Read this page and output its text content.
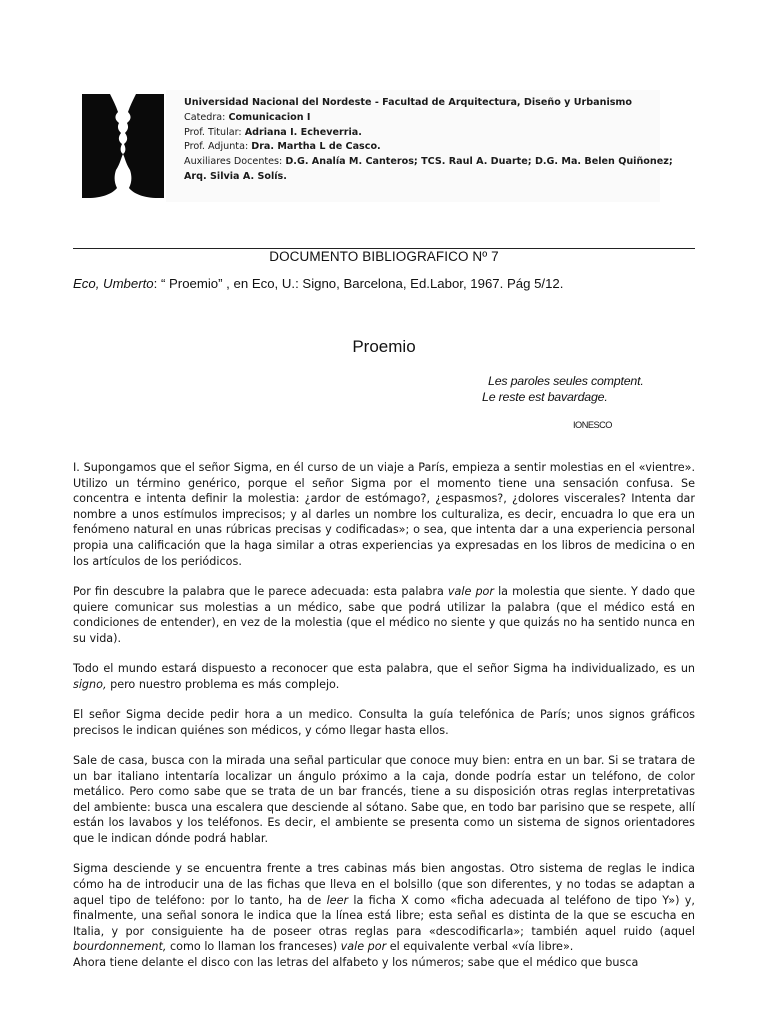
Universidad Nacional del Nordeste - Facultad de Arquitectura, Diseño y Urbanismo
Catedra: Comunicacion I
Prof. Titular: Adriana I. Echeverria.
Prof. Adjunta: Dra. Martha L de Casco.
Auxiliares Docentes: D.G. Analía M. Canteros; TCS. Raul A. Duarte; D.G. Ma. Belen Quiñonez;
Arq. Silvia A. Solís.
DOCUMENTO BIBLIOGRAFICO Nº 7
Eco, Umberto: “ Proemio” , en Eco, U.: Signo, Barcelona, Ed.Labor, 1967. Pág 5/12.
Proemio
Les paroles seules comptent.
Le reste est bavardage.
IONESCO

I. Supongamos que el señor Sigma, en él curso de un viaje a París, empieza a sentir molestias en el «vientre». Utilizo un término genérico, porque el señor Sigma por el momento tiene una sensación confusa. Se concentra e intenta definir la molestia: ¿ardor de estómago?, ¿espasmos?, ¿dolores viscerales? Intenta dar nombre a unos estímulos imprecisos; y al darles un nombre los culturaliza, es decir, encuadra lo que era un fenómeno natural en unas rúbricas precisas y codificadas»; o sea, que intenta dar a una experiencia personal propia una calificación que la haga similar a otras experiencias ya expresadas en los libros de medicina o en los artículos de los periódicos.

Por fin descubre la palabra que le parece adecuada: esta palabra vale por la molestia que siente. Y dado que quiere comunicar sus molestias a un médico, sabe que podrá utilizar la palabra (que el médico está en condiciones de entender), en vez de la molestia (que el médico no siente y que quizás no ha sentido nunca en su vida).

Todo el mundo estará dispuesto a reconocer que esta palabra, que el señor Sigma ha individualizado, es un signo, pero nuestro problema es más complejo.

El señor Sigma decide pedir hora a un medico. Consulta la guía telefónica de París; unos signos gráficos precisos le indican quiénes son médicos, y cómo llegar hasta ellos.

Sale de casa, busca con la mirada una señal particular que conoce muy bien: entra en un bar. Si se tratara de un bar italiano intentaría localizar un ángulo próximo a la caja, donde podría estar un teléfono, de color metálico. Pero como sabe que se trata de un bar francés, tiene a su disposición otras reglas interpretativas del ambiente: busca una escalera que desciende al sótano. Sabe que, en todo bar parisino que se respete, allí están los lavabos y los teléfonos. Es decir, el ambiente se presenta como un sistema de signos orientadores que le indican dónde podrá hablar.

Sigma desciende y se encuentra frente a tres cabinas más bien angostas. Otro sistema de reglas le indica cómo ha de introducir una de las fichas que lleva en el bolsillo (que son diferentes, y no todas se adaptan a aquel tipo de teléfono: por lo tanto, ha de leer la ficha X como «ficha adecuada al teléfono de tipo Y») y, finalmente, una señal sonora le indica que la línea está libre; esta señal es distinta de la que se escucha en Italia, y por consiguiente ha de poseer otras reglas para «descodificarla»; también aquel ruido (aquel bourdonnement, como lo llaman los franceses) vale por el equivalente verbal «vía libre».

Ahora tiene delante el disco con las letras del alfabeto y los números; sabe que el médico que busca
